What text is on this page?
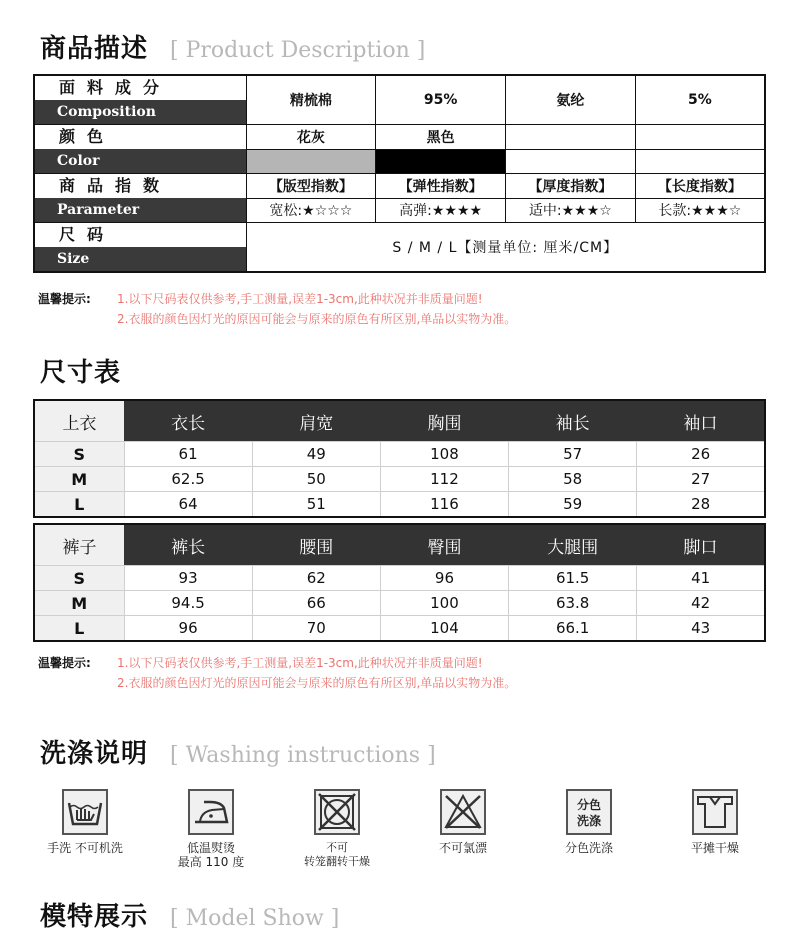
商品描述 [ Product Description ]
面料成分
Composition	精梳棉	95%	氨纶	5%

颜色
Color	花灰	黑色		

商品指数
Parameter	【版型指数】	【弹性指数】	【厚度指数】	【长度指数】
	宽松:★☆☆☆	高弹:★★★★	适中:★★★☆	长款:★★★☆

尺码
Size	S / M / L【测量单位: 厘米/CM】			
温馨提示:	1.以下尺码表仅供参考,手工测量,误差1-3cm,此种状况并非质量问题!
2.衣服的颜色因灯光的原因可能会与原来的原色有所区别,单品以实物为准。
尺寸表
上衣	衣长	肩宽	胸围	袖长	袖口
S	61	49	108	57	26
M	62.5	50	112	58	27
L	64	51	116	59	28
裤子	裤长	腰围	臀围	大腿围	脚口
S	93	62	96	61.5	41
M	94.5	66	100	63.8	42
L	96	70	104	66.1	43
温馨提示:	1.以下尺码表仅供参考,手工测量,误差1-3cm,此种状况并非质量问题!
2.衣服的颜色因灯光的原因可能会与原来的原色有所区别,单品以实物为准。
洗涤说明 [ Washing instructions ]
手洗 不可机洗	低温熨烫
最高 110 度
不可
转笼翻转干燥
不可氯漂
分色
洗涤
分色洗涤	平摊干燥
模特展示 [ Model Show ]
